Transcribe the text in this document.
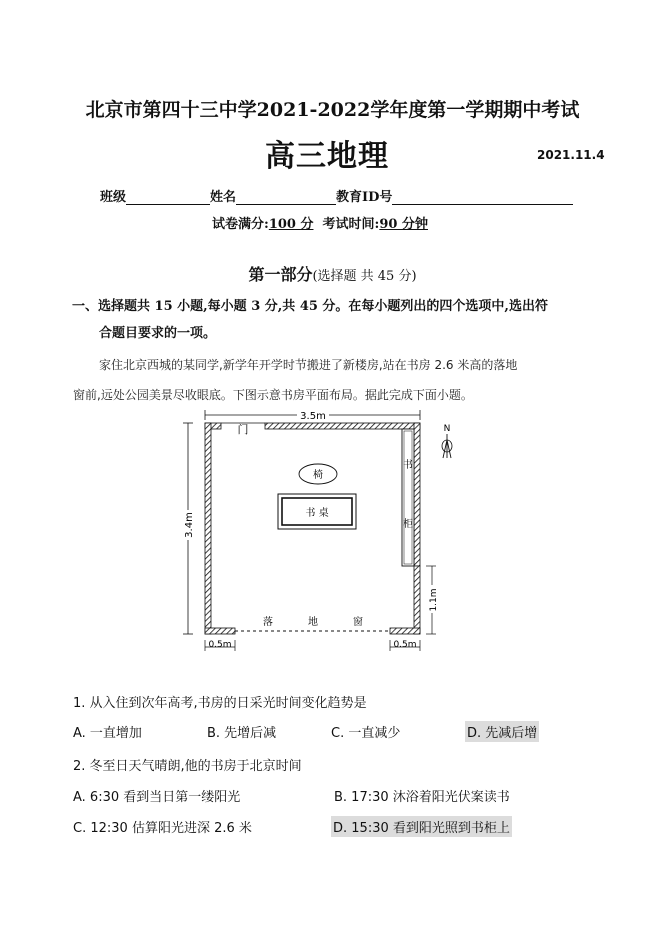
北京市第四十三中学2021-2022学年度第一学期期中考试
高三地理	2021.11.4
班级	姓名	教育ID号
试卷满分:100 分 考试时间:90 分钟
第一部分(选择题 共 45 分)
一、选择题共 15 小题,每小题 3 分,共 45 分。在每小题列出的四个选项中,选出符
合题目要求的一项。
家住北京西城的某同学,新学年开学时节搬进了新楼房,站在书房 2.6 米高的落地
窗前,远处公园美景尽收眼底。下图示意书房平面布局。据此完成下面小题。
3.5m
3.4m
门
落	地	窗
书
柜
椅
书 桌
N
0.5m	0.5m
1.1m
1. 从入住到次年高考,书房的日采光时间变化趋势是
A. 一直增加	B. 先增后减	C. 一直减少	D. 先减后增
2. 冬至日天气晴朗,他的书房于北京时间
A. 6:30 看到当日第一缕阳光	B. 17:30 沐浴着阳光伏案读书
C. 12:30 估算阳光进深 2.6 米	D. 15:30 看到阳光照到书柜上
